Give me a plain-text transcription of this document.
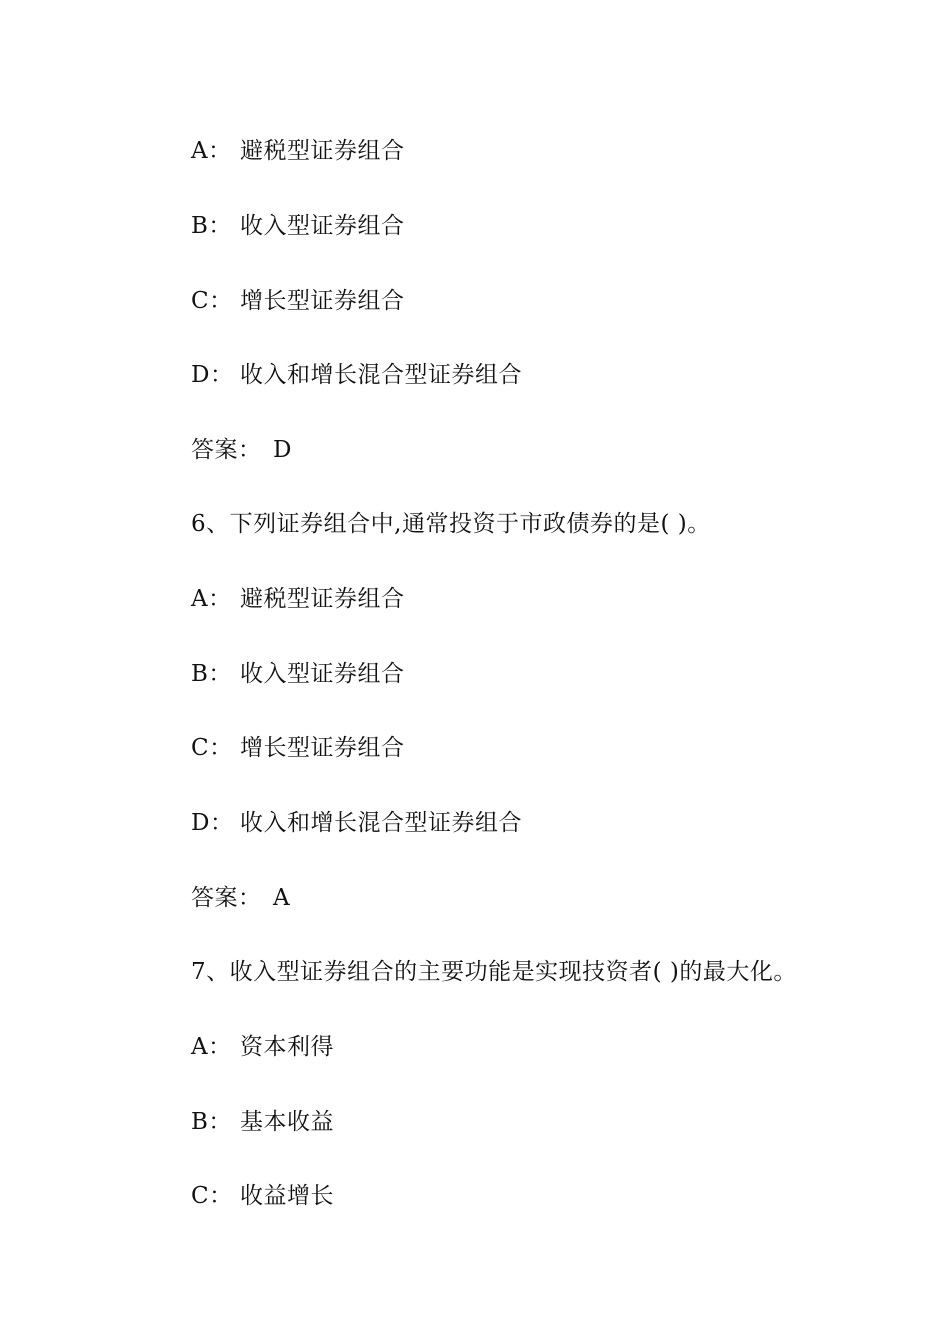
A： 避税型证券组合
B： 收入型证券组合
C： 增长型证券组合
D： 收入和增长混合型证券组合
答案： D
6、下列证券组合中,通常投资于市政债券的是( )。
A： 避税型证券组合
B： 收入型证券组合
C： 增长型证券组合
D： 收入和增长混合型证券组合
答案： A
7、收入型证券组合的主要功能是实现技资者( )的最大化。
A： 资本利得
B： 基本收益
C： 收益增长
